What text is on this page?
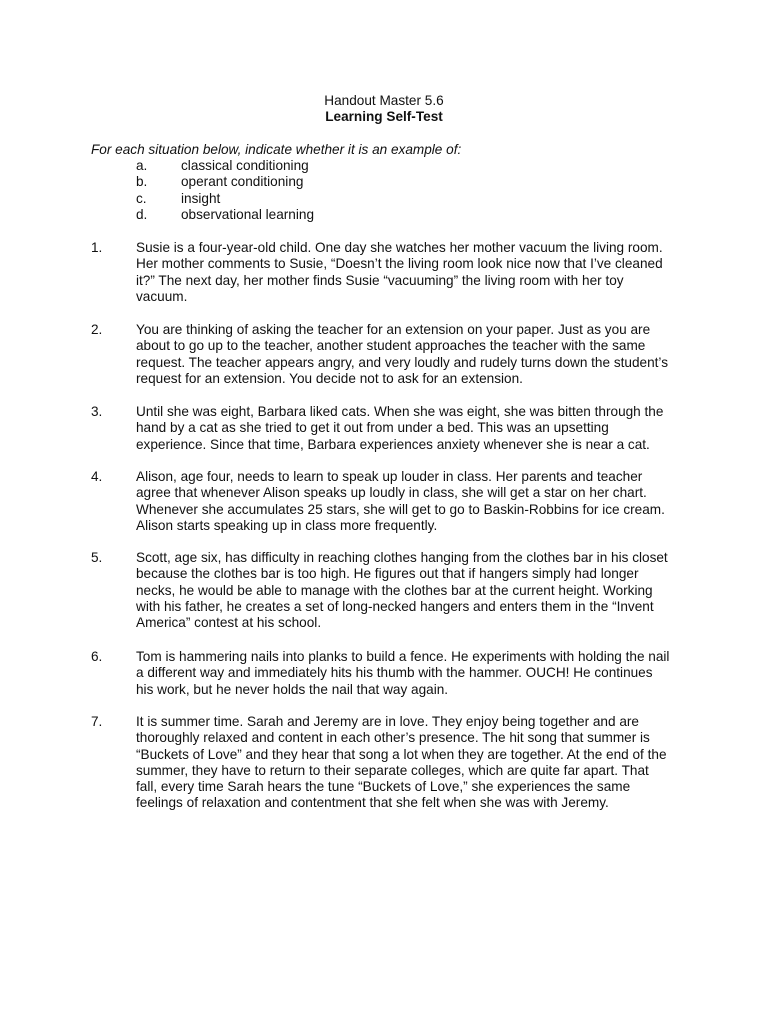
Handout Master 5.6
Learning Self-Test
For each situation below, indicate whether it is an example of:
a. classical conditioning
b. operant conditioning
c.	insight
d. observational learning
1. Susie is a four-year-old child. One day she watches her mother vacuum the living room.
Her mother comments to Susie, “Doesn’t the living room look nice now that I’ve cleaned
it?” The next day, her mother finds Susie “vacuuming” the living room with her toy
vacuum.
2. You are thinking of asking the teacher for an extension on your paper. Just as you are
about to go up to the teacher, another student approaches the teacher with the same
request. The teacher appears angry, and very loudly and rudely turns down the student’s
request for an extension. You decide not to ask for an extension.
3. Until she was eight, Barbara liked cats. When she was eight, she was bitten through the
hand by a cat as she tried to get it out from under a bed. This was an upsetting
experience. Since that time, Barbara experiences anxiety whenever she is near a cat.
4. Alison, age four, needs to learn to speak up louder in class. Her parents and teacher
agree that whenever Alison speaks up loudly in class, she will get a star on her chart.
Whenever she accumulates 25 stars, she will get to go to Baskin-Robbins for ice cream.
Alison starts speaking up in class more frequently.
5. Scott, age six, has difficulty in reaching clothes hanging from the clothes bar in his closet
because the clothes bar is too high. He figures out that if hangers simply had longer
necks, he would be able to manage with the clothes bar at the current height. Working
with his father, he creates a set of long-necked hangers and enters them in the “Invent
America” contest at his school.
6. Tom is hammering nails into planks to build a fence. He experiments with holding the nail
a different way and immediately hits his thumb with the hammer. OUCH! He continues
his work, but he never holds the nail that way again.
7. It is summer time. Sarah and Jeremy are in love. They enjoy being together and are
thoroughly relaxed and content in each other’s presence. The hit song that summer is
“Buckets of Love” and they hear that song a lot when they are together. At the end of the
summer, they have to return to their separate colleges, which are quite far apart. That
fall, every time Sarah hears the tune “Buckets of Love,” she experiences the same
feelings of relaxation and contentment that she felt when she was with Jeremy.
